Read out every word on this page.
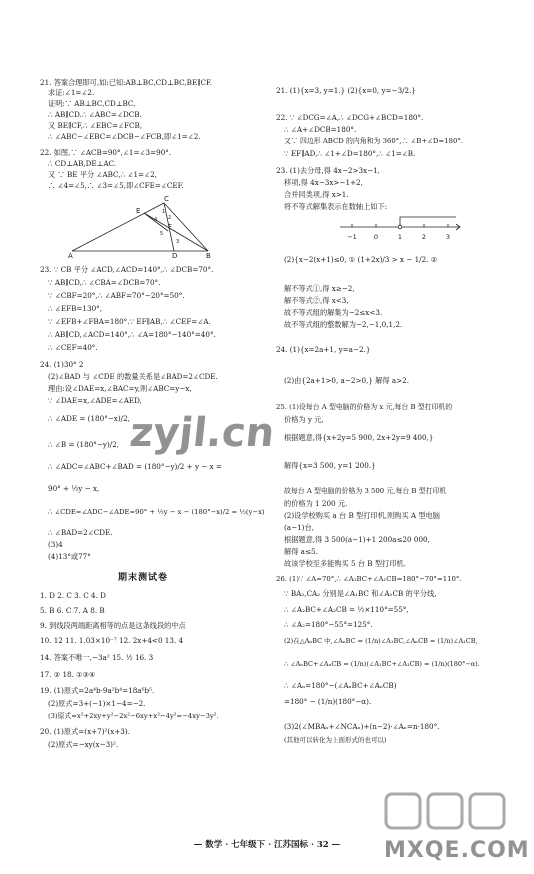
21. 答案合理即可,如:已知:AB⊥BC,CD⊥BC,BE∥CF.
求证:∠1=∠2.
证明:∵ AB⊥BC,CD⊥BC,
∴ AB∥CD.∴ ∠ABC=∠DCB.
又 BE∥CF,∴ ∠EBC=∠FCB,
∴ ∠ABC−∠EBC=∠DCB−∠FCB,即∠1=∠2.
22. 如图,∵ ∠ACB=90°,∠1=∠3=90°.
∴ CD⊥AB,DE⊥AC.
又 ∵ BE 平分 ∠ABC,∴ ∠1=∠2,
∴ ∠4=∠5,∴ ∠3=∠5,即∠CFE=∠CEF.
C
A	D	B
E
F
1
2
3
4
5
23. ∵ CB 平分 ∠ACD,∠ACD=140°,∴ ∠DCB=70°.
∵ AB∥CD,∴ ∠CBA=∠DCB=70°.
∵ ∠CBF=20°,∴ ∠ABF=70°−20°=50°.
∴ ∠EFB=130°,
∵ ∠EFB+∠FBA=180°.∵ EF∥AB,∴ ∠CEF=∠A.
∴ AB∥CD,∠ACD=140°,∴ ∠A=180°−140°=40°.
∴ ∠CEF=40°.
24. (1)30° 2
(2)∠BAD 与 ∠CDE 的数量关系是∠BAD=2∠CDE.
理由:设∠DAE=x,∠BAC=y,则∠ABC=y−x,
∵ ∠DAE=x,∠ADE=∠AED,
∴ ∠ADE = (180°−x)/2,
∴ ∠B = (180°−y)/2,
∴ ∠ADC=∠ABC+∠BAD = (180°−y)/2 + y − x =
90° + ½y − x,
∴ ∠CDE=∠ADC−∠ADE=90° + ½y − x − (180°−x)/2 = ½(y−x)
∴ ∠BAD=2∠CDE.
(3)4
(4)13°或77°
期末测试卷
1. D 2. C 3. C 4. D
5. B 6. C 7. A 8. B
9. 到线段两端距离相等的点是这条线段的中点
10. 12 11. 1.03×10⁻⁷ 12. 2x+4<0 13. 4
14. 答案不唯一,−3a² 15. ½ 16. 3
17. ② 18. ①③④
19. (1)原式=2a⁴b·9a²b⁴=18a⁶b⁵.
(2)原式=3+(−1)×1−4=−2.
(3)原式=x²+2xy+y²−2x²−6xy+x²−4y²=−4xy−3y².
20. (1)原式=(x+7)²(x+3).
(2)原式=−xy(x−3)².
21. (1){x=3, y=1.} (2){x=0, y=−3/2.}
22. ∵ ∠DCG=∠A,∴ ∠DCG+∠BCD=180°.
∴ ∠A+∠DCB=180°.
又∵ 四边形 ABCD 的内角和为 360°,∴ ∠B+∠D=180°.
∵ EF∥AD,∴ ∠1+∠D=180°,∴ ∠1=∠B.
23. (1)去分母,得 4x−2>3x−1,
移项,得 4x−3x>−1+2,
合并同类项,得 x>1.
将不等式解集表示在数轴上如下:
−1	0	1	2	3
(2){x−2(x+1)≤0, ① (1+2x)/3 > x − 1/2. ②
解不等式①,得 x≥−2,
解不等式②,得 x<3,
故不等式组的解集为−2≤x<3.
故不等式组的整数解为−2,−1,0,1,2.
24. (1){x=2a+1, y=a−2.}
(2)由{2a+1>0, a−2>0,} 解得 a>2.
25. (1)设每台 A 型电脑的价格为 x 元,每台 B 型打印机的
价格为 y 元,
根据题意,得{x+2y=5 900, 2x+2y=9 400,}
解得{x=3 500, y=1 200.}
故每台 A 型电脑的价格为 3 500 元,每台 B 型打印机
的价格为 1 200 元.
(2)设学校购买 a 台 B 型打印机,则购买 A 型电脑
(a−1)台,
根据题意,得 3 500(a−1)+1 200a≤20 000,
解得 a≤5.
故该学校至多能购买 5 台 B 型打印机.
26. (1)∵ ∠A=70°,∴ ∠A₁BC+∠A₁CB=180°−70°=110°.
∵ BA₂,CA₂ 分别是∠A₁BC 和∠A₁CB 的平分线,
∴ ∠A₂BC+∠A₂CB = ½×110°=55°,
∴ ∠A₂=180°−55°=125°.
(2)在△AₙBC 中,∠AₙBC = (1/n)∠A₁BC,∠AₙCB = (1/n)∠A₁CB,
∴ ∠AₙBC+∠AₙCB = (1/n)(∠A₁BC+∠A₁CB) = (1/n)(180°−α).
∴ ∠Aₙ=180°−(∠AₙBC+∠AₙCB)
=180° − (1/n)(180°−α).
(3)2(∠MBAₙ+∠NCAₙ)+(n−2)·∠Aₙ=n·180°.
(其他可以转化为上面形式的也可以)
— 数学 · 七年级下 · 江苏国标 · 32 —
zyjl.cn
MXQE.COM
